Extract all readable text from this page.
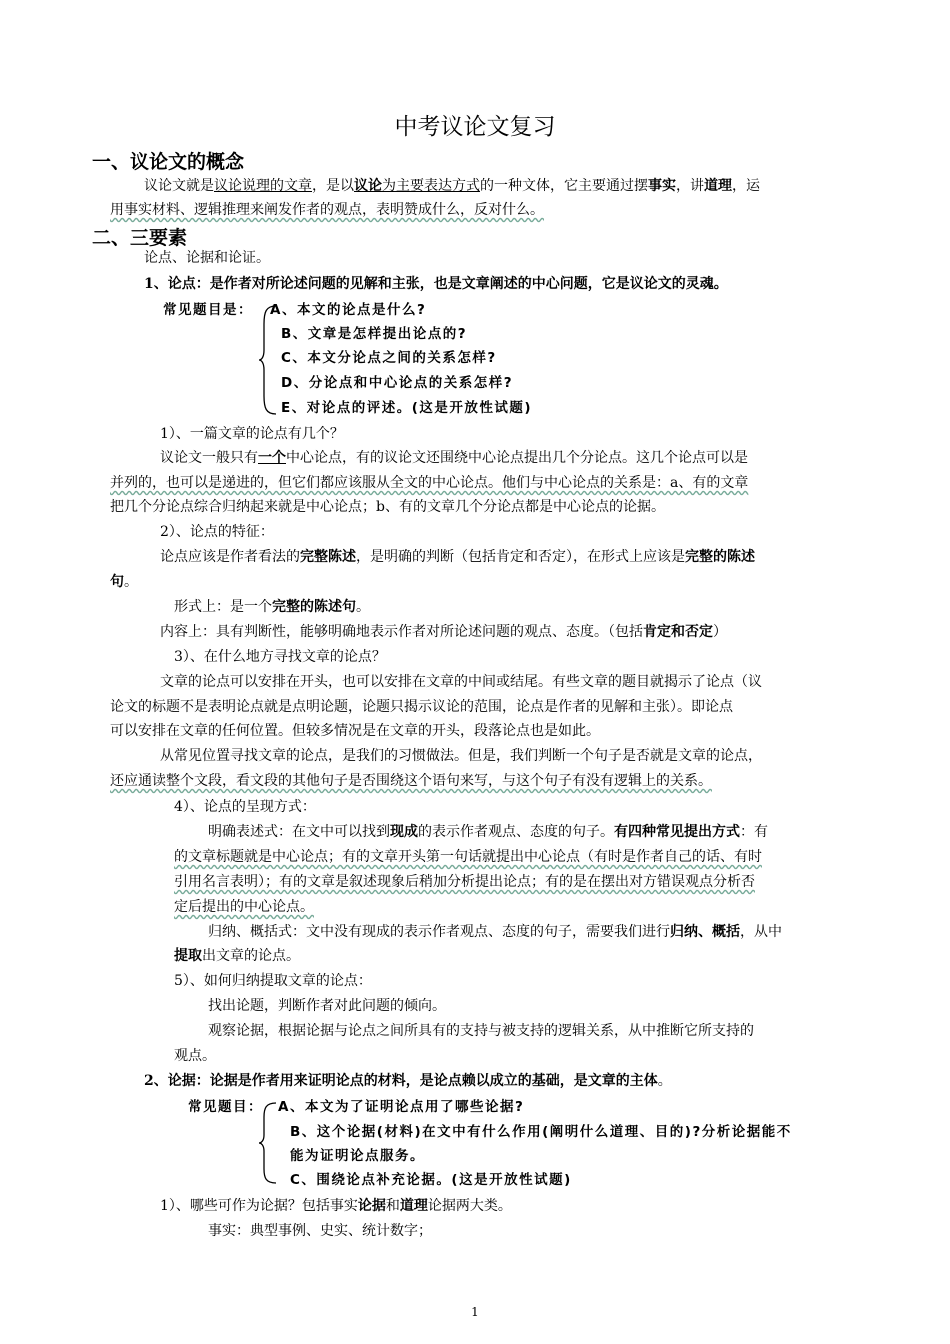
中考议论文复习
一、议论文的概念
议论文就是议论说理的文章，是以议论为主要表达方式的一种文体，它主要通过摆事实，讲道理，运
用事实材料、逻辑推理来阐发作者的观点，表明赞成什么，反对什么。
二、三要素
论点、论据和论证。
1、论点：是作者对所论述问题的见解和主张，也是文章阐述的中心问题，它是议论文的灵魂。
常见题目是： A、本文的论点是什么?
B、文章是怎样提出论点的?
C、本文分论点之间的关系怎样?
D、分论点和中心论点的关系怎样?
E、对论点的评述。(这是开放性试题)
1）、一篇文章的论点有几个？
议论文一般只有一个中心论点，有的议论文还围绕中心论点提出几个分论点。这几个论点可以是
并列的，也可以是递进的，但它们都应该服从全文的中心论点。他们与中心论点的关系是：a、有的文章
把几个分论点综合归纳起来就是中心论点；b、有的文章几个分论点都是中心论点的论据。
2）、论点的特征：
论点应该是作者看法的完整陈述，是明确的判断（包括肯定和否定），在形式上应该是完整的陈述
句。
形式上：是一个完整的陈述句。
内容上：具有判断性，能够明确地表示作者对所论述问题的观点、态度。（包括肯定和否定）
3）、在什么地方寻找文章的论点？
文章的论点可以安排在开头，也可以安排在文章的中间或结尾。有些文章的题目就揭示了论点（议
论文的标题不是表明论点就是点明论题，论题只揭示议论的范围，论点是作者的见解和主张）。即论点
可以安排在文章的任何位置。但较多情况是在文章的开头，段落论点也是如此。
从常见位置寻找文章的论点，是我们的习惯做法。但是，我们判断一个句子是否就是文章的论点，
还应通读整个文段，看文段的其他句子是否围绕这个语句来写，与这个句子有没有逻辑上的关系。
4）、论点的呈现方式：
明确表述式：在文中可以找到现成的表示作者观点、态度的句子。有四种常见提出方式：有
的文章标题就是中心论点；有的文章开头第一句话就提出中心论点（有时是作者自己的话、有时
引用名言表明）；有的文章是叙述现象后稍加分析提出论点；有的是在摆出对方错误观点分析否
定后提出的中心论点。
归纳、概括式：文中没有现成的表示作者观点、态度的句子，需要我们进行归纳、概括，从中
提取出文章的论点。
5）、如何归纳提取文章的论点：
找出论题，判断作者对此问题的倾向。
观察论据，根据论据与论点之间所具有的支持与被支持的逻辑关系，从中推断它所支持的
观点。
2、论据：论据是作者用来证明论点的材料，是论点赖以成立的基础，是文章的主体。
常见题目： A、本文为了证明论点用了哪些论据?
B、这个论据(材料)在文中有什么作用(阐明什么道理、目的)?分析论据能不
能为证明论点服务。
C、围绕论点补充论据。(这是开放性试题)
1）、哪些可作为论据？包括事实论据和道理论据两大类。
事实：典型事例、史实、统计数字；
1
